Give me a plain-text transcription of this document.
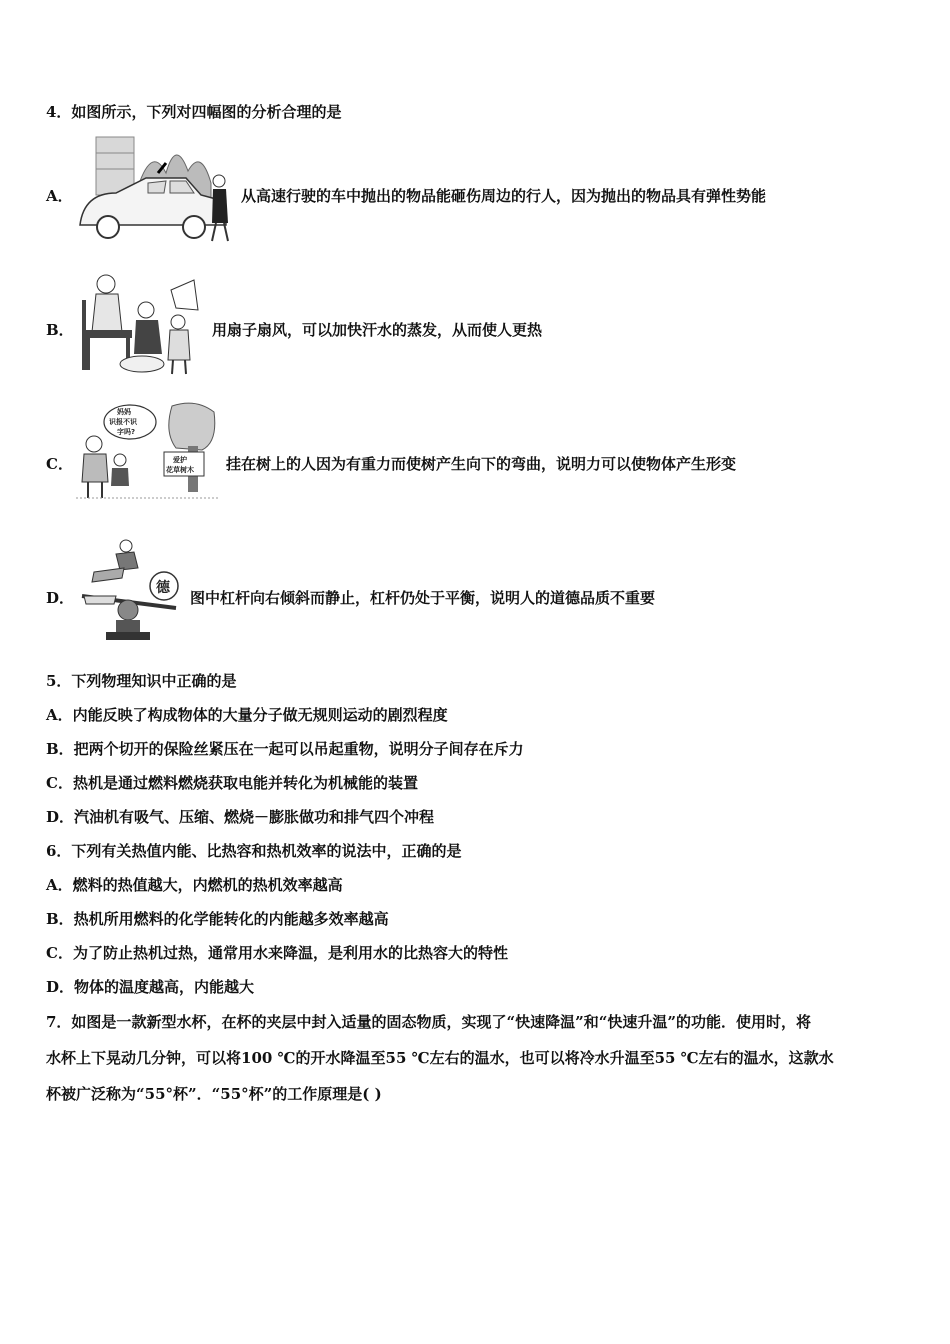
4．如图所示，下列对四幅图的分析合理的是
A．	从高速行驶的车中抛出的物品能砸伤周边的行人，因为抛出的物品具有弹性势能
B．	用扇子扇风，可以加快汗水的蒸发，从而使人更热
C．
妈妈
识报不识
字吗?
爱护
花草树木 挂在树上的人因为有重力而使树产生向下的弯曲，说明力可以使物体产生形变
D．
德
图中杠杆向右倾斜而静止，杠杆仍处于平衡，说明人的道德品质不重要
5．下列物理知识中正确的是
A．内能反映了构成物体的大量分子做无规则运动的剧烈程度
B．把两个切开的保险丝紧压在一起可以吊起重物，说明分子间存在斥力
C．热机是通过燃料燃烧获取电能并转化为机械能的装置
D．汽油机有吸气、压缩、燃烧－膨胀做功和排气四个冲程
6．下列有关热值内能、比热容和热机效率的说法中，正确的是
A．燃料的热值越大，内燃机的热机效率越高
B．热机所用燃料的化学能转化的内能越多效率越高
C．为了防止热机过热，通常用水来降温，是利用水的比热容大的特性
D．物体的温度越高，内能越大
7．如图是一款新型水杯，在杯的夹层中封入适量的固态物质，实现了“快速降温”和“快速升温”的功能．使用时，将
水杯上下晃动几分钟，可以将100 ℃的开水降温至55 ℃左右的温水，也可以将冷水升温至55 ℃左右的温水，这款水
杯被广泛称为“55°杯”．“55°杯”的工作原理是( )
